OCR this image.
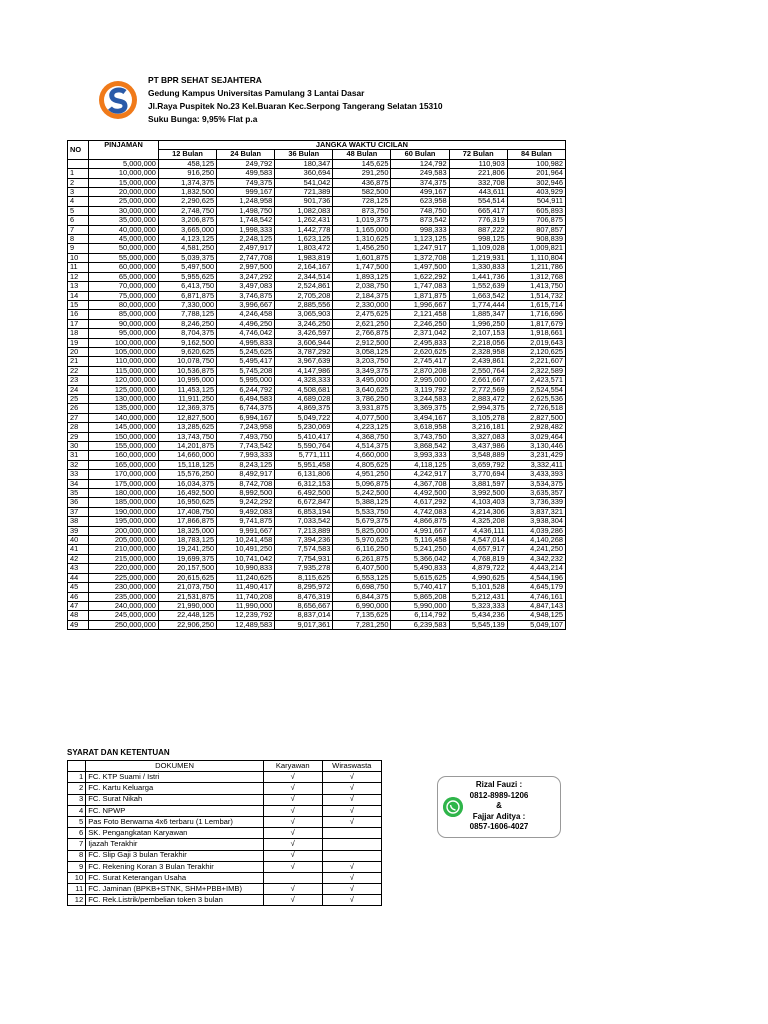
PT BPR SEHAT SEJAHTERA
Gedung Kampus Universitas Pamulang 3 Lantai Dasar
Jl.Raya Puspitek No.23 Kel.Buaran Kec.Serpong Tangerang Selatan 15310
Suku Bunga: 9,95% Flat p.a
NO	PINJAMAN	JANGKA WAKTU CICILAN						
		12 Bulan	24 Bulan	36 Bulan	48 Bulan	60 Bulan	72 Bulan	84 Bulan
	5,000,000	458,125	249,792	180,347	145,625	124,792	110,903	100,982
1	10,000,000	916,250	499,583	360,694	291,250	249,583	221,806	201,964
2	15,000,000	1,374,375	749,375	541,042	436,875	374,375	332,708	302,946
3	20,000,000	1,832,500	999,167	721,389	582,500	499,167	443,611	403,929
4	25,000,000	2,290,625	1,248,958	901,736	728,125	623,958	554,514	504,911
5	30,000,000	2,748,750	1,498,750	1,082,083	873,750	748,750	665,417	605,893
6	35,000,000	3,206,875	1,748,542	1,262,431	1,019,375	873,542	776,319	706,875
7	40,000,000	3,665,000	1,998,333	1,442,778	1,165,000	998,333	887,222	807,857
8	45,000,000	4,123,125	2,248,125	1,623,125	1,310,625	1,123,125	998,125	908,839
9	50,000,000	4,581,250	2,497,917	1,803,472	1,456,250	1,247,917	1,109,028	1,009,821
10	55,000,000	5,039,375	2,747,708	1,983,819	1,601,875	1,372,708	1,219,931	1,110,804
11	60,000,000	5,497,500	2,997,500	2,164,167	1,747,500	1,497,500	1,330,833	1,211,786
12	65,000,000	5,955,625	3,247,292	2,344,514	1,893,125	1,622,292	1,441,736	1,312,768
13	70,000,000	6,413,750	3,497,083	2,524,861	2,038,750	1,747,083	1,552,639	1,413,750
14	75,000,000	6,871,875	3,746,875	2,705,208	2,184,375	1,871,875	1,663,542	1,514,732
15	80,000,000	7,330,000	3,996,667	2,885,556	2,330,000	1,996,667	1,774,444	1,615,714
16	85,000,000	7,788,125	4,246,458	3,065,903	2,475,625	2,121,458	1,885,347	1,716,696
17	90,000,000	8,246,250	4,496,250	3,246,250	2,621,250	2,246,250	1,996,250	1,817,679
18	95,000,000	8,704,375	4,746,042	3,426,597	2,766,875	2,371,042	2,107,153	1,918,661
19	100,000,000	9,162,500	4,995,833	3,606,944	2,912,500	2,495,833	2,218,056	2,019,643
20	105,000,000	9,620,625	5,245,625	3,787,292	3,058,125	2,620,625	2,328,958	2,120,625
21	110,000,000	10,078,750	5,495,417	3,967,639	3,203,750	2,745,417	2,439,861	2,221,607
22	115,000,000	10,536,875	5,745,208	4,147,986	3,349,375	2,870,208	2,550,764	2,322,589
23	120,000,000	10,995,000	5,995,000	4,328,333	3,495,000	2,995,000	2,661,667	2,423,571
24	125,000,000	11,453,125	6,244,792	4,508,681	3,640,625	3,119,792	2,772,569	2,524,554
25	130,000,000	11,911,250	6,494,583	4,689,028	3,786,250	3,244,583	2,883,472	2,625,536
26	135,000,000	12,369,375	6,744,375	4,869,375	3,931,875	3,369,375	2,994,375	2,726,518
27	140,000,000	12,827,500	6,994,167	5,049,722	4,077,500	3,494,167	3,105,278	2,827,500
28	145,000,000	13,285,625	7,243,958	5,230,069	4,223,125	3,618,958	3,216,181	2,928,482
29	150,000,000	13,743,750	7,493,750	5,410,417	4,368,750	3,743,750	3,327,083	3,029,464
30	155,000,000	14,201,875	7,743,542	5,590,764	4,514,375	3,868,542	3,437,986	3,130,446
31	160,000,000	14,660,000	7,993,333	5,771,111	4,660,000	3,993,333	3,548,889	3,231,429
32	165,000,000	15,118,125	8,243,125	5,951,458	4,805,625	4,118,125	3,659,792	3,332,411
33	170,000,000	15,576,250	8,492,917	6,131,806	4,951,250	4,242,917	3,770,694	3,433,393
34	175,000,000	16,034,375	8,742,708	6,312,153	5,096,875	4,367,708	3,881,597	3,534,375
35	180,000,000	16,492,500	8,992,500	6,492,500	5,242,500	4,492,500	3,992,500	3,635,357
36	185,000,000	16,950,625	9,242,292	6,672,847	5,388,125	4,617,292	4,103,403	3,736,339
37	190,000,000	17,408,750	9,492,083	6,853,194	5,533,750	4,742,083	4,214,306	3,837,321
38	195,000,000	17,866,875	9,741,875	7,033,542	5,679,375	4,866,875	4,325,208	3,938,304
39	200,000,000	18,325,000	9,991,667	7,213,889	5,825,000	4,991,667	4,436,111	4,039,286
40	205,000,000	18,783,125	10,241,458	7,394,236	5,970,625	5,116,458	4,547,014	4,140,268
41	210,000,000	19,241,250	10,491,250	7,574,583	6,116,250	5,241,250	4,657,917	4,241,250
42	215,000,000	19,699,375	10,741,042	7,754,931	6,261,875	5,366,042	4,768,819	4,342,232
43	220,000,000	20,157,500	10,990,833	7,935,278	6,407,500	5,490,833	4,879,722	4,443,214
44	225,000,000	20,615,625	11,240,625	8,115,625	6,553,125	5,615,625	4,990,625	4,544,196
45	230,000,000	21,073,750	11,490,417	8,295,972	6,698,750	5,740,417	5,101,528	4,645,179
46	235,000,000	21,531,875	11,740,208	8,476,319	6,844,375	5,865,208	5,212,431	4,746,161
47	240,000,000	21,990,000	11,990,000	8,656,667	6,990,000	5,990,000	5,323,333	4,847,143
48	245,000,000	22,448,125	12,239,792	8,837,014	7,135,625	6,114,792	5,434,236	4,948,125
49	250,000,000	22,906,250	12,489,583	9,017,361	7,281,250	6,239,583	5,545,139	5,049,107
SYARAT DAN KETENTUAN
	DOKUMEN	Karyawan	Wiraswasta
1	FC. KTP Suami / Istri	√	√
2	FC. Kartu Keluarga	√	√
3	FC. Surat Nikah	√	√
4	FC. NPWP	√	√
5	Pas Foto Berwarna 4x6 terbaru (1 Lembar)	√	√
6	SK. Pengangkatan Karyawan	√	
7	Ijazah Terakhir	√	
8	FC. Slip Gaji 3 bulan Terakhir	√	
9	FC. Rekening Koran 3 Bulan Terakhir	√	√
10	FC. Surat Keterangan Usaha		√
11	FC. Jaminan (BPKB+STNK, SHM+PBB+IMB)	√	√
12	FC. Rek.Listrik/pembelian token 3 bulan	√	√
Rizal Fauzi :
0812-8989-1206
&
Fajjar Aditya :
0857-1606-4027
